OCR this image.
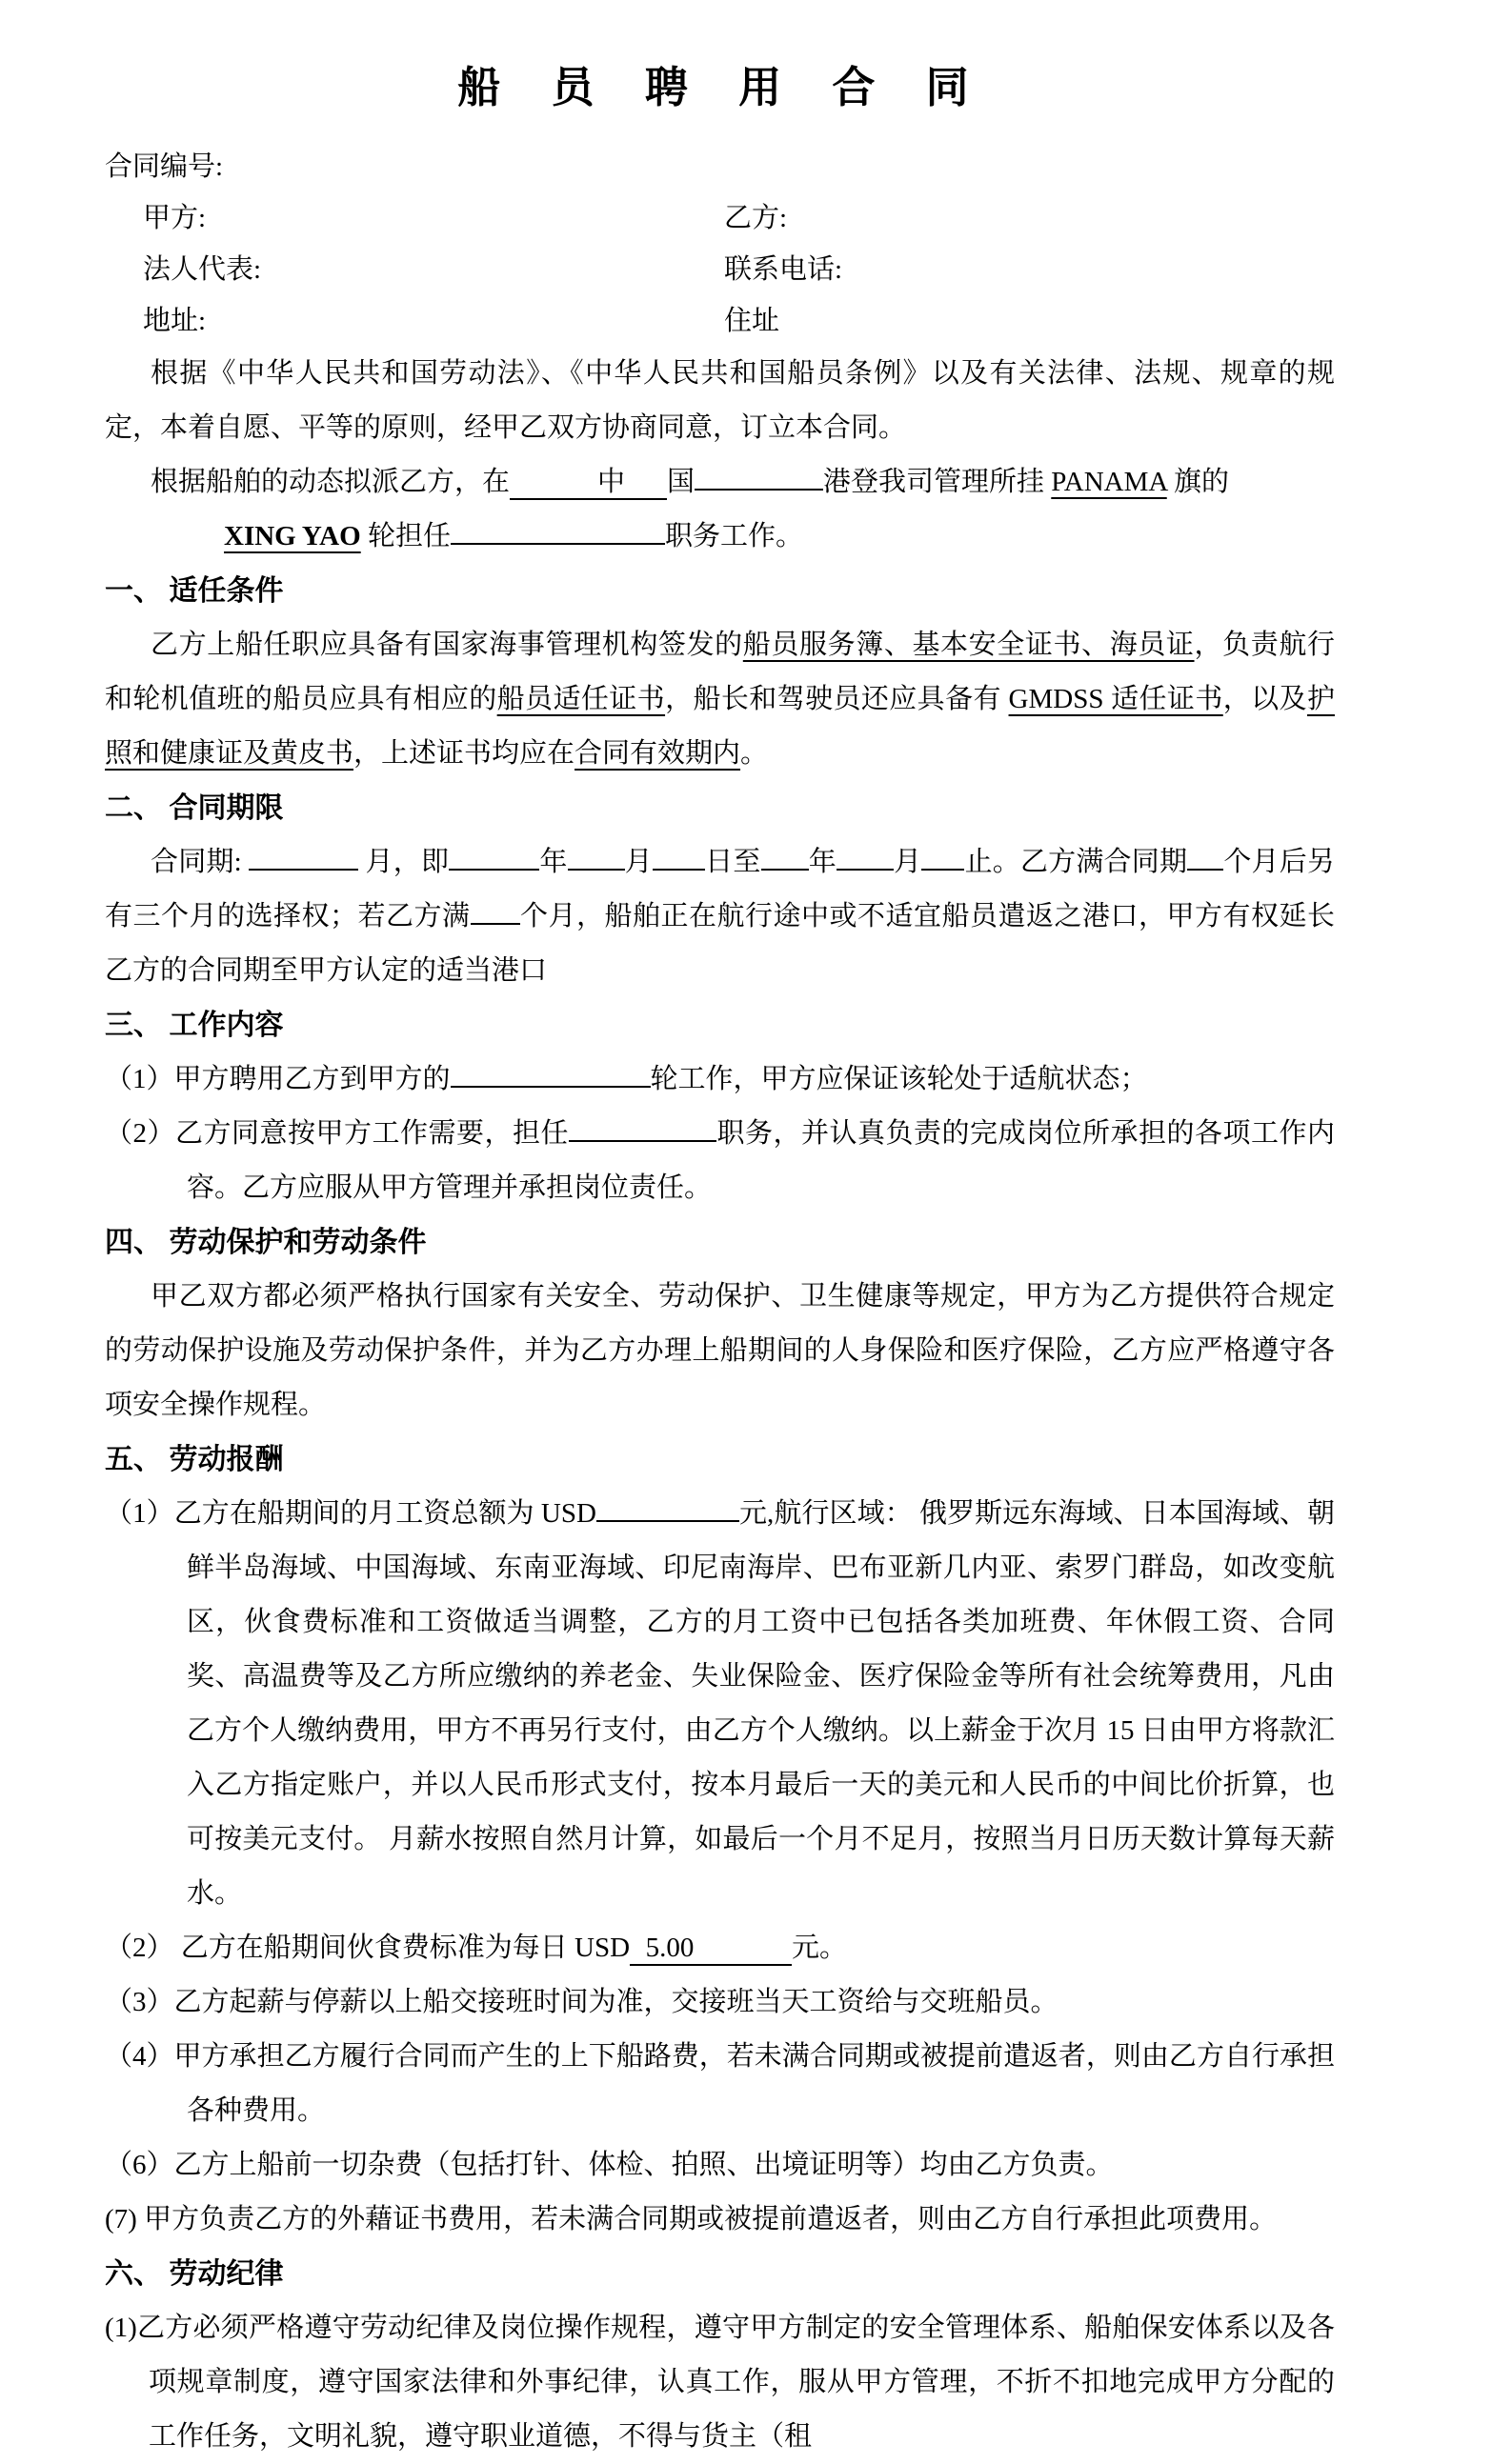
船 员 聘 用 合 同
合同编号:
甲方:	乙方:
法人代表:	联系电话:
地址:	住址

根据《中华人民共和国劳动法》、《中华人民共和国船员条例》以及有关法律、法规、规章的规定，本着自愿、平等的原则，经甲乙双方协商同意，订立本合同。

根据船舶的动态拟派乙方，在	中 国	港登我司管理所挂 PANAMA 旗的

XING YAO 轮担任	职务工作。

一、 适任条件

乙方上船任职应具备有国家海事管理机构签发的船员服务簿、基本安全证书、海员证，负责航行和轮机值班的船员应具有相应的船员适任证书，船长和驾驶员还应具备有 GMDSS 适任证书，以及护照和健康证及黄皮书，上述证书均应在合同有效期内。

二、 合同期限

合同期:	月，即	年 月 日至 年 月 止。乙方满合同期 个月后另有三个月的选择权；若乙方满 个月，船舶正在航行途中或不适宜船员遣返之港口，甲方有权延长乙方的合同期至甲方认定的适当港口

三、 工作内容

（1）甲方聘用乙方到甲方的	轮工作，甲方应保证该轮处于适航状态；

（2）乙方同意按甲方工作需要，担任	职务，并认真负责的完成岗位所承担的各项工作内容。乙方应服从甲方管理并承担岗位责任。

四、 劳动保护和劳动条件

甲乙双方都必须严格执行国家有关安全、劳动保护、卫生健康等规定，甲方为乙方提供符合规定的劳动保护设施及劳动保护条件，并为乙方办理上船期间的人身保险和医疗保险，乙方应严格遵守各项安全操作规程。

五、 劳动报酬

（1）乙方在船期间的月工资总额为 USD	元,航行区域： 俄罗斯远东海域、日本国海域、朝鲜半岛海域、中国海域、东南亚海域、印尼南海岸、巴布亚新几内亚、索罗门群岛，如改变航区，伙食费标准和工资做适当调整，乙方的月工资中已包括各类加班费、年休假工资、合同奖、高温费等及乙方所应缴纳的养老金、失业保险金、医疗保险金等所有社会统筹费用，凡由乙方个人缴纳费用，甲方不再另行支付，由乙方个人缴纳。以上薪金于次月 15 日由甲方将款汇入乙方指定账户，并以人民币形式支付，按本月最后一天的美元和人民币的中间比价折算，也可按美元支付。 月薪水按照自然月计算，如最后一个月不足月，按照当月日历天数计算每天薪水。

（2） 乙方在船期间伙食费标准为每日 USD 5.00	元。

（3）乙方起薪与停薪以上船交接班时间为准，交接班当天工资给与交班船员。

（4）甲方承担乙方履行合同而产生的上下船路费，若未满合同期或被提前遣返者，则由乙方自行承担各种费用。

（6）乙方上船前一切杂费（包括打针、体检、拍照、出境证明等）均由乙方负责。

(7) 甲方负责乙方的外藉证书费用，若未满合同期或被提前遣返者，则由乙方自行承担此项费用。

六、 劳动纪律

(1)乙方必须严格遵守劳动纪律及岗位操作规程，遵守甲方制定的安全管理体系、船舶保安体系以及各项规章制度，遵守国家法律和外事纪律，认真工作，服从甲方管理，不折不扣地完成甲方分配的工作任务，文明礼貌，遵守职业道德，不得与货主（租
